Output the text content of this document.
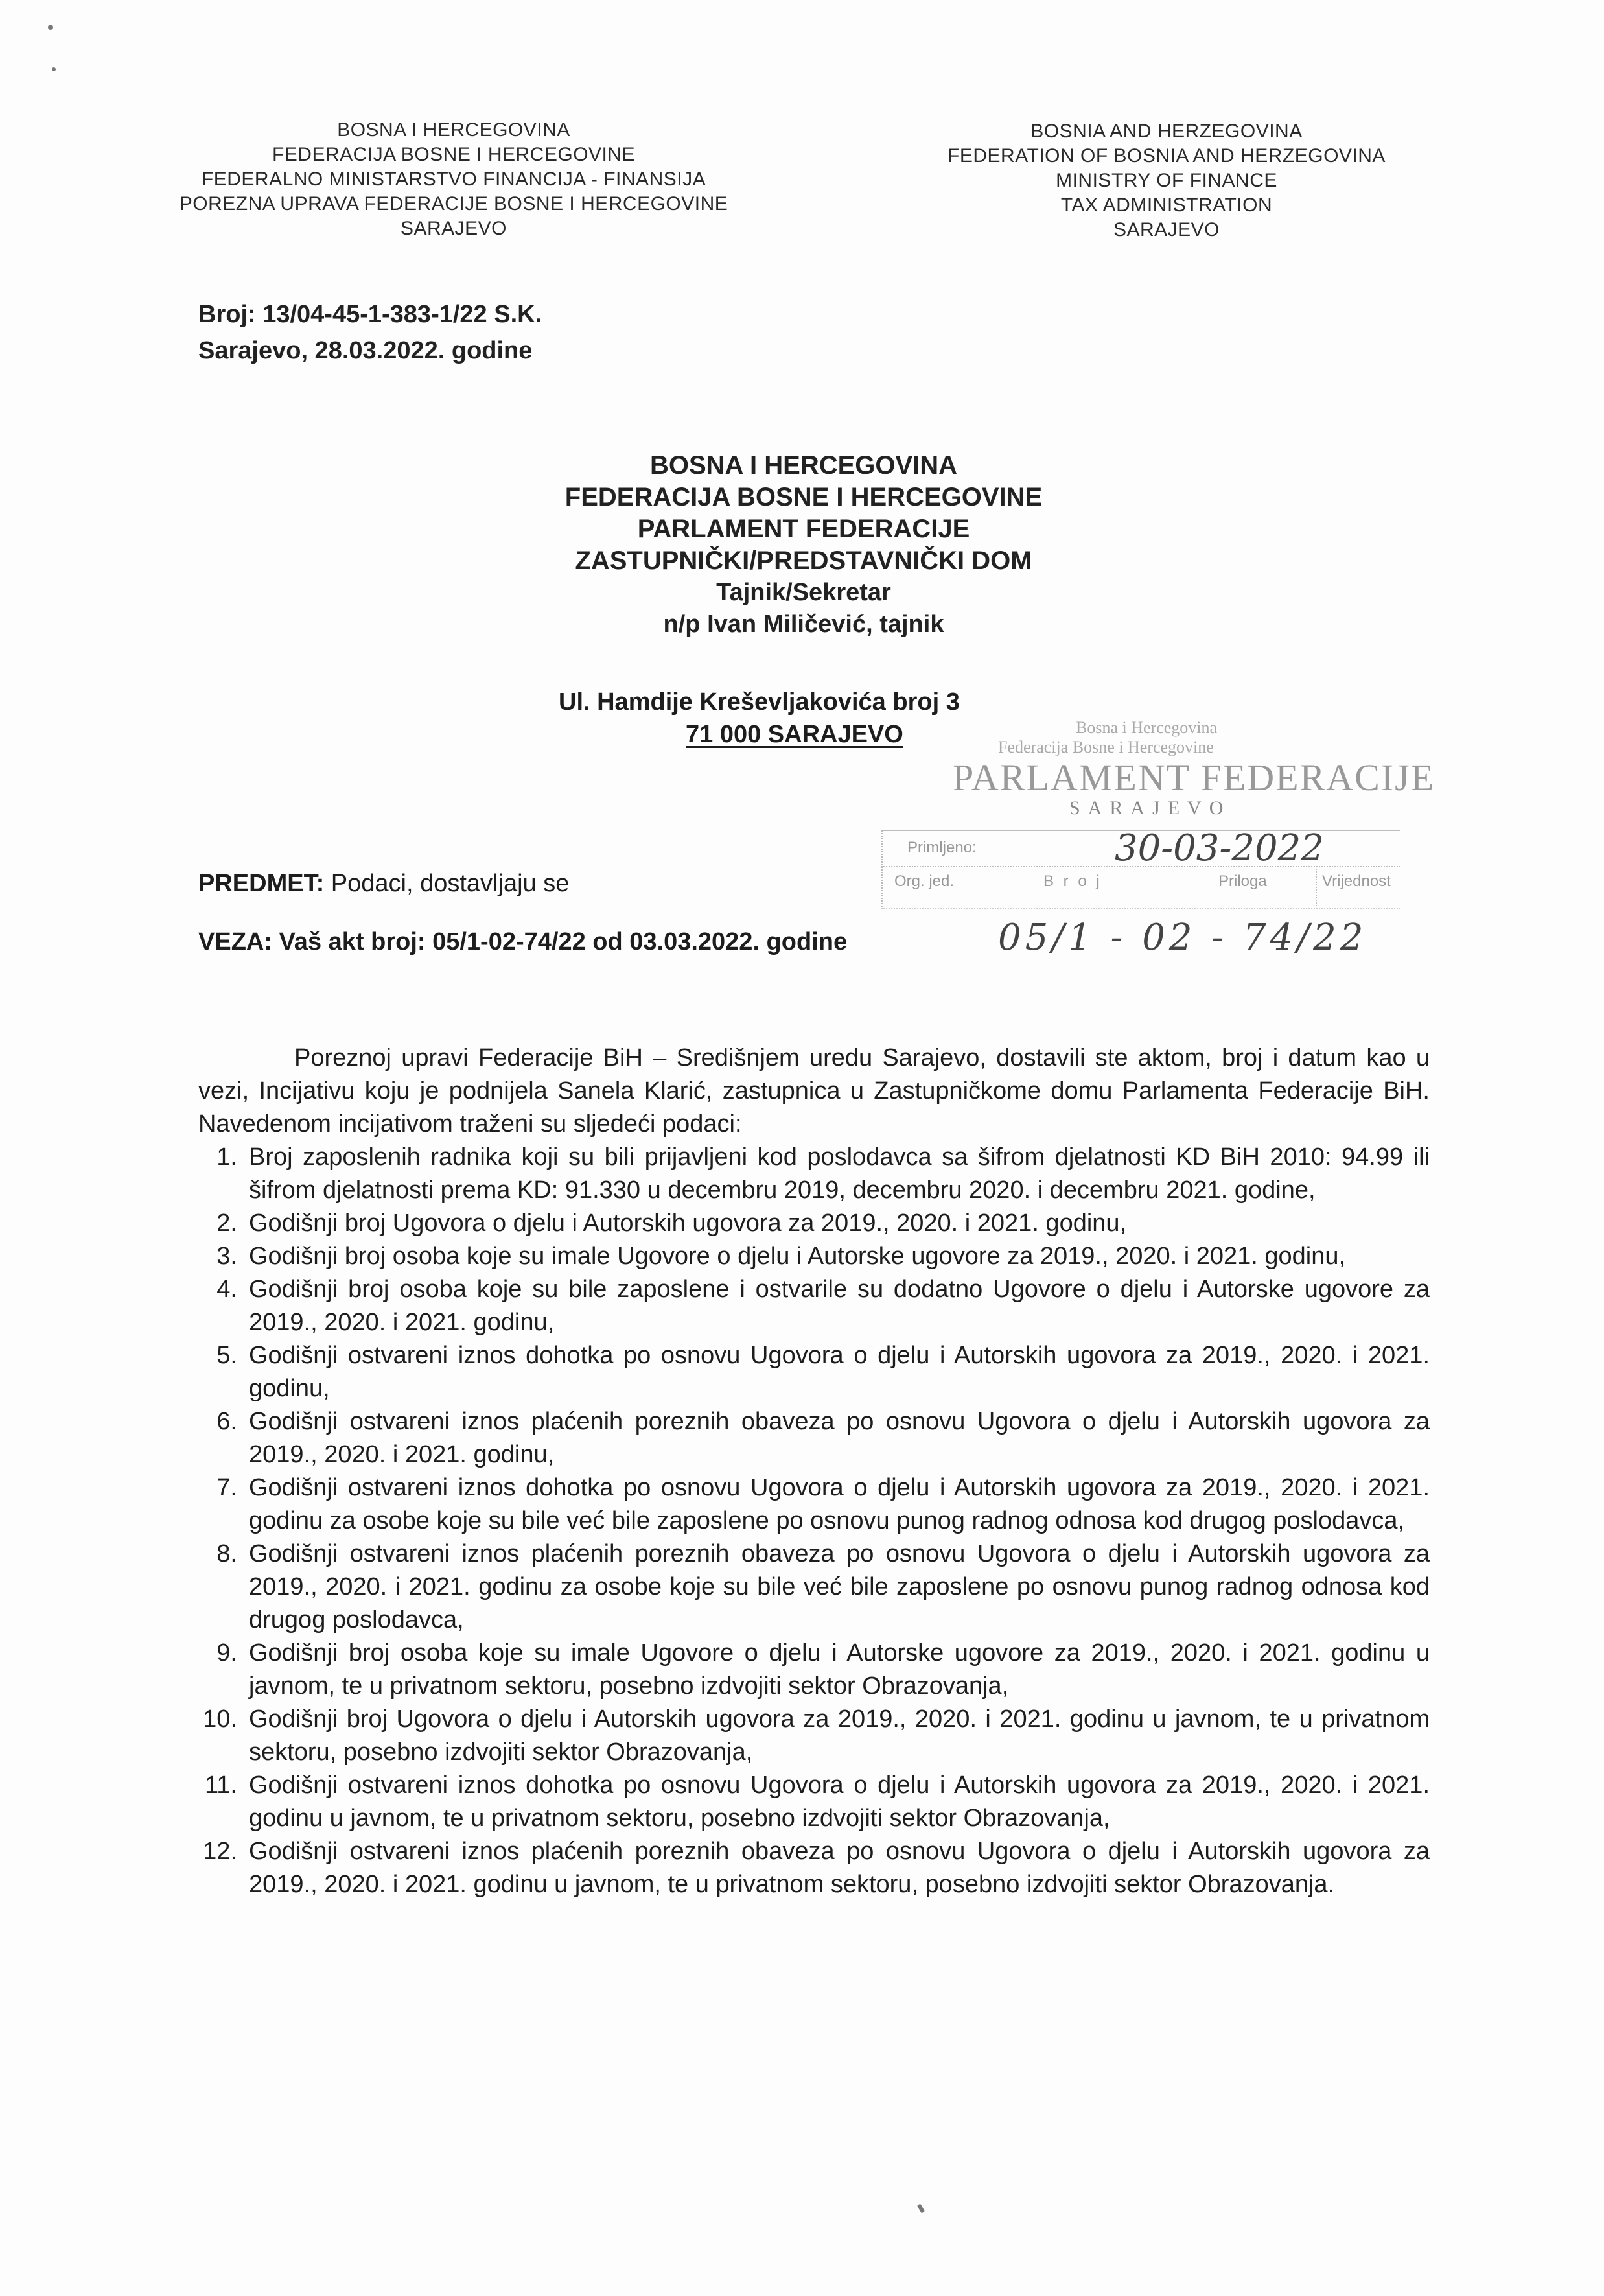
BOSNA I HERCEGOVINA
FEDERACIJA BOSNE I HERCEGOVINE
FEDERALNO MINISTARSTVO FINANCIJA - FINANSIJA
POREZNA UPRAVA FEDERACIJE BOSNE I HERCEGOVINE
SARAJEVO
BOSNIA AND HERZEGOVINA
FEDERATION OF BOSNIA AND HERZEGOVINA
MINISTRY OF FINANCE
TAX ADMINISTRATION
SARAJEVO
Broj: 13/04-45-1-383-1/22 S.K.
Sarajevo, 28.03.2022. godine
BOSNA I HERCEGOVINA
FEDERACIJA BOSNE I HERCEGOVINE
PARLAMENT FEDERACIJE
ZASTUPNIČKI/PREDSTAVNIČKI DOM
Tajnik/Sekretar
n/p Ivan Miličević, tajnik
Ul. Hamdije Kreševljakovića broj 3
71 000 SARAJEVO	Bosna i Hercegovina
Federacija Bosne i Hercegovine
PARLAMENT FEDERACIJE
SARAJEVO
Primljeno:	30-03-2022
Org. jed.	B r o j	Priloga	Vrijednost
05/1 - 02 - 74/22
PREDMET: Podaci, dostavljaju se
VEZA: Vaš akt broj: 05/1-02-74/22 od 03.03.2022. godine
Poreznoj upravi Federacije BiH – Središnjem uredu Sarajevo, dostavili ste aktom, broj i datum kao u vezi, Incijativu koju je podnijela Sanela Klarić, zastupnica u Zastupničkome domu Parlamenta Federacije BiH. Navedenom incijativom traženi su sljedeći podaci:
1. Broj zaposlenih radnika koji su bili prijavljeni kod poslodavca sa šifrom djelatnosti KD BiH 2010: 94.99 ili šifrom djelatnosti prema KD: 91.330 u decembru 2019, decembru 2020. i decembru 2021. godine,
2. Godišnji broj Ugovora o djelu i Autorskih ugovora za 2019., 2020. i 2021. godinu,
3. Godišnji broj osoba koje su imale Ugovore o djelu i Autorske ugovore za 2019., 2020. i 2021. godinu,
4. Godišnji broj osoba koje su bile zaposlene i ostvarile su dodatno Ugovore o djelu i Autorske ugovore za 2019., 2020. i 2021. godinu,
5. Godišnji ostvareni iznos dohotka po osnovu Ugovora o djelu i Autorskih ugovora za 2019., 2020. i 2021. godinu,
6. Godišnji ostvareni iznos plaćenih poreznih obaveza po osnovu Ugovora o djelu i Autorskih ugovora za 2019., 2020. i 2021. godinu,
7. Godišnji ostvareni iznos dohotka po osnovu Ugovora o djelu i Autorskih ugovora za 2019., 2020. i 2021. godinu za osobe koje su bile već bile zaposlene po osnovu punog radnog odnosa kod drugog poslodavca,
8. Godišnji ostvareni iznos plaćenih poreznih obaveza po osnovu Ugovora o djelu i Autorskih ugovora za 2019., 2020. i 2021. godinu za osobe koje su bile već bile zaposlene po osnovu punog radnog odnosa kod drugog poslodavca,
9. Godišnji broj osoba koje su imale Ugovore o djelu i Autorske ugovore za 2019., 2020. i 2021. godinu u javnom, te u privatnom sektoru, posebno izdvojiti sektor Obrazovanja,
10. Godišnji broj Ugovora o djelu i Autorskih ugovora za 2019., 2020. i 2021. godinu u javnom, te u privatnom sektoru, posebno izdvojiti sektor Obrazovanja,
11. Godišnji ostvareni iznos dohotka po osnovu Ugovora o djelu i Autorskih ugovora za 2019., 2020. i 2021. godinu u javnom, te u privatnom sektoru, posebno izdvojiti sektor Obrazovanja,
12. Godišnji ostvareni iznos plaćenih poreznih obaveza po osnovu Ugovora o djelu i Autorskih ugovora za 2019., 2020. i 2021. godinu u javnom, te u privatnom sektoru, posebno izdvojiti sektor Obrazovanja.
